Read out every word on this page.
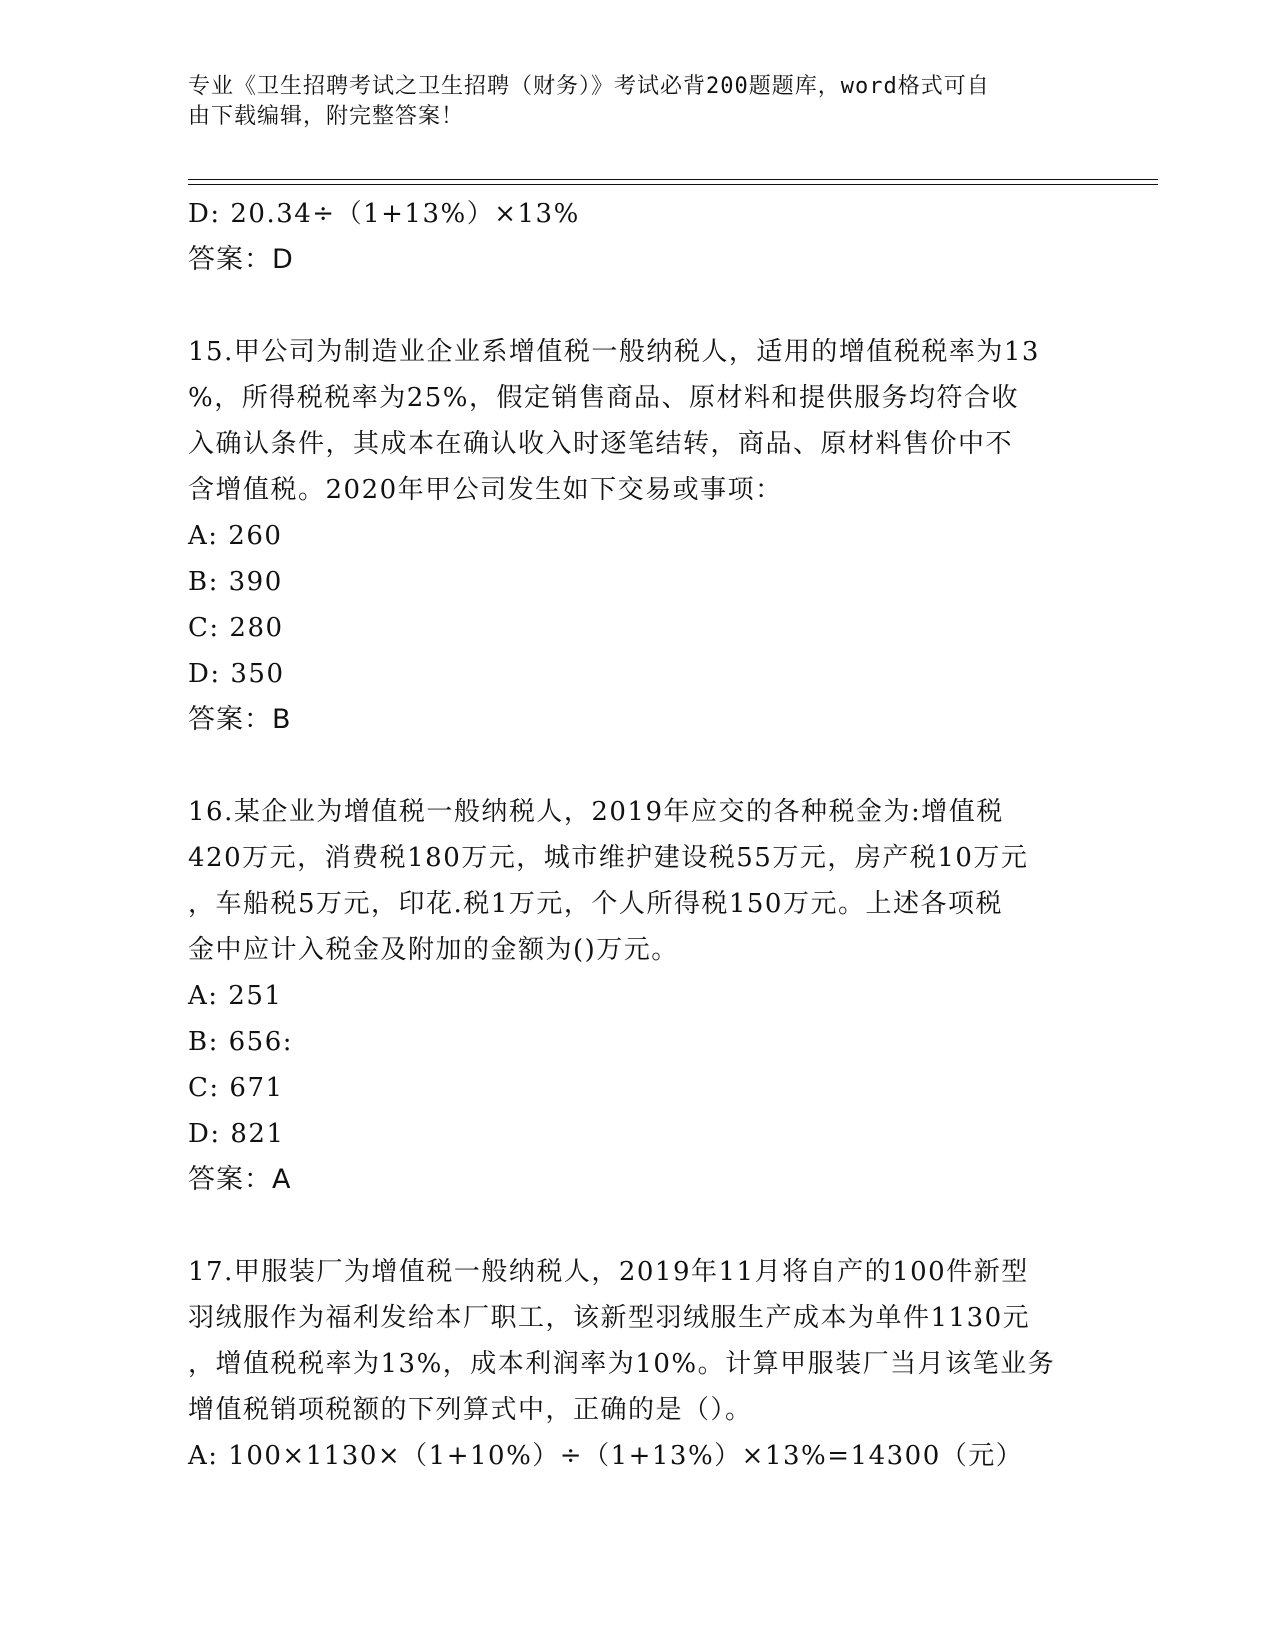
专业《卫生招聘考试之卫生招聘（财务）》考试必背200题题库，word格式可自
由下载编辑，附完整答案！
D: 20.34÷（1+13%）×13%
答案：D
15.甲公司为制造业企业系增值税一般纳税人，适用的增值税税率为13
%，所得税税率为25%，假定销售商品、原材料和提供服务均符合收
入确认条件，其成本在确认收入时逐笔结转，商品、原材料售价中不
含增值税。2020年甲公司发生如下交易或事项：
A: 260
B: 390
C: 280
D: 350
答案：B
16.某企业为增值税一般纳税人，2019年应交的各种税金为:增值税
420万元，消费税180万元，城市维护建设税55万元，房产税10万元
，车船税5万元，印花.税1万元，个人所得税150万元。上述各项税
金中应计入税金及附加的金额为()万元。
A: 251
B: 656:
C: 671
D: 821
答案：A
17.甲服装厂为增值税一般纳税人，2019年11月将自产的100件新型
羽绒服作为福利发给本厂职工，该新型羽绒服生产成本为单件1130元
，增值税税率为13%，成本利润率为10%。计算甲服装厂当月该笔业务
增值税销项税额的下列算式中，正确的是（）。
A: 100×1130×（1+10%）÷（1+13%）×13%=14300（元）
